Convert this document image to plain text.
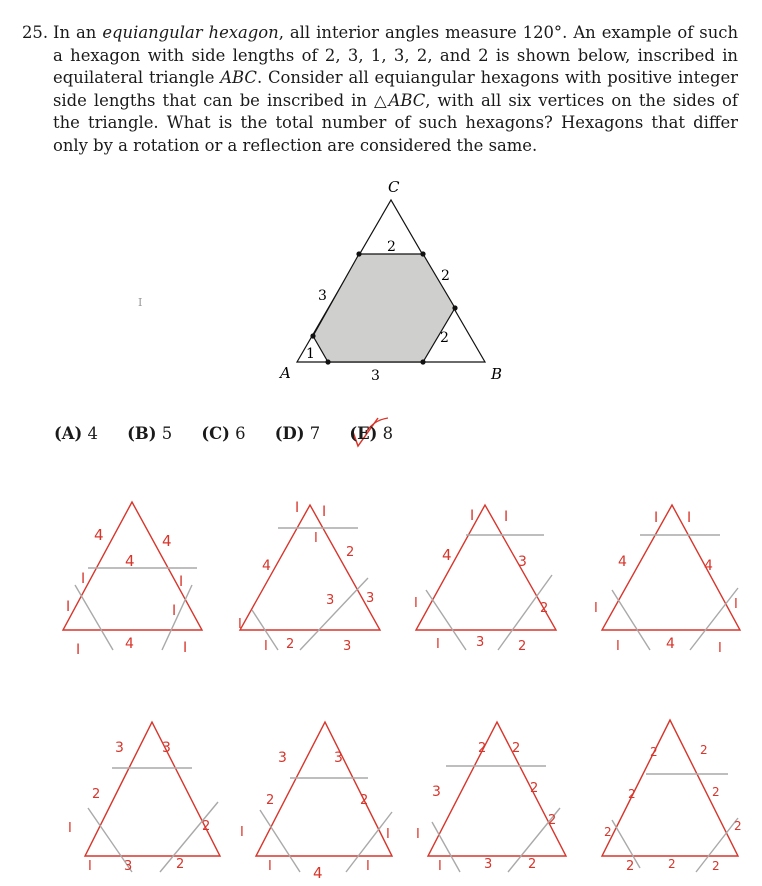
25. In an equiangular hexagon, all interior angles measure 120°. An example of such a hexagon with side lengths of 2, 3, 1, 3, 2, and 2 is shown below, inscribed in equilateral triangle ABC. Consider all equiangular hexagons with positive integer side lengths that can be inscribed in △ABC, with all six vertices on the sides of the triangle. What is the total number of such hexagons? Hexagons that differ only by a rotation or a reflection are considered the same.
I
C
A	B
2
2
2
3
1
3
4	4
4
I	I
I	I
I	4	I
I I
I
2
4
3 3
I
I 2	3
I I
4	3
I	2
I	3	2
I I
4	4
I	I
I	4	I
3	3
2
I	2
I 3	2
3	3
2	2
I	I
I	4	I
2 2
3	2
I
2
I	3	2
2	2
2	2
2	2
2	2	2
(A) 4 (B) 5 (C) 6 (D) 7 (E) 8
